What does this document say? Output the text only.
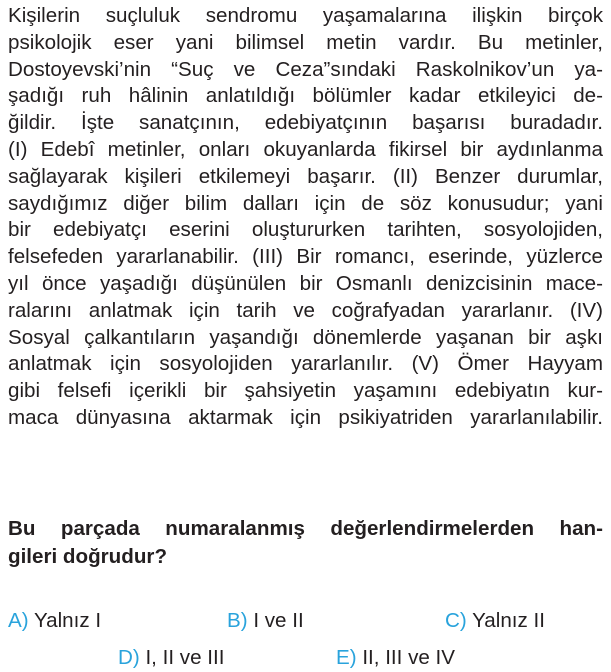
Kişilerin suçluluk sendromu yaşamalarına ilişkin birçok
psikolojik eser yani bilimsel metin vardır. Bu metinler,
Dostoyevski’nin “Suç ve Ceza”sındaki Raskolnikov’un ya-
şadığı ruh hâlinin anlatıldığı bölümler kadar etkileyici de-
ğildir. İşte sanatçının, edebiyatçının başarısı buradadır.
(I) Edebî metinler, onları okuyanlarda fikirsel bir aydınlanma
sağlayarak kişileri etkilemeyi başarır. (II) Benzer durumlar,
saydığımız diğer bilim dalları için de söz konusudur; yani
bir edebiyatçı eserini oluştururken tarihten, sosyolojiden,
felsefeden yararlanabilir. (III) Bir romancı, eserinde, yüzlerce
yıl önce yaşadığı düşünülen bir Osmanlı denizcisinin mace-
ralarını anlatmak için tarih ve coğrafyadan yararlanır. (IV)
Sosyal çalkantıların yaşandığı dönemlerde yaşanan bir aşkı
anlatmak için sosyolojiden yararlanılır. (V) Ömer Hayyam
gibi felsefi içerikli bir şahsiyetin yaşamını edebiyatın kur-
maca dünyasına aktarmak için psikiyatriden yararlanılabilir.
Bu parçada numaralanmış değerlendirmelerden han-
gileri doğrudur?
A) Yalnız I	B) I ve II	C) Yalnız II
D) I, II ve III	E) II, III ve IV
